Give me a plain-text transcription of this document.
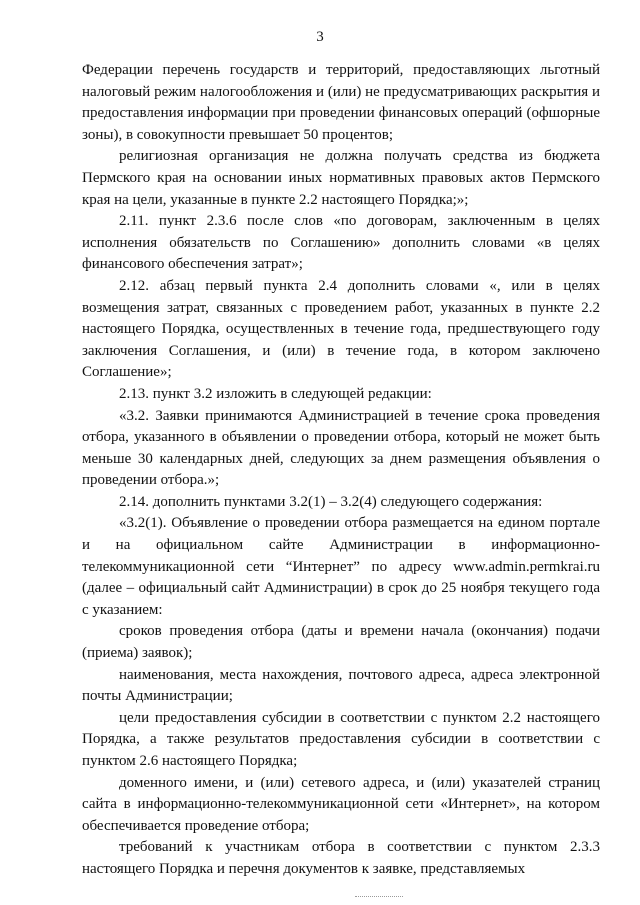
3

Федерации перечень государств и территорий, предоставляющих льготный налоговый режим налогообложения и (или) не предусматривающих раскрытия и предоставления информации при проведении финансовых операций (офшорные зоны), в совокупности превышает 50 процентов;

религиозная организация не должна получать средства из бюджета Пермского края на основании иных нормативных правовых актов Пермского края на цели, указанные в пункте 2.2 настоящего Порядка;»;

2.11. пункт 2.3.6 после слов «по договорам, заключенным в целях исполнения обязательств по Соглашению» дополнить словами «в целях финансового обеспечения затрат»;

2.12. абзац первый пункта 2.4 дополнить словами «, или в целях возмещения затрат, связанных с проведением работ, указанных в пункте 2.2 настоящего Порядка, осуществленных в течение года, предшествующего году заключения Соглашения, и (или) в течение года, в котором заключено Соглашение»;

2.13. пункт 3.2 изложить в следующей редакции:

«3.2. Заявки принимаются Администрацией в течение срока проведения отбора, указанного в объявлении о проведении отбора, который не может быть меньше 30 календарных дней, следующих за днем размещения объявления о проведении отбора.»;

2.14. дополнить пунктами 3.2(1) – 3.2(4) следующего содержания:

«3.2(1). Объявление о проведении отбора размещается на едином портале и на официальном сайте Администрации в информационно-телекоммуникационной сети “Интернет” по адресу www.admin.permkrai.ru (далее – официальный сайт Администрации) в срок до 25 ноября текущего года с указанием:

сроков проведения отбора (даты и времени начала (окончания) подачи (приема) заявок);

наименования, места нахождения, почтового адреса, адреса электронной почты Администрации;

цели предоставления субсидии в соответствии с пунктом 2.2 настоящего Порядка, а также результатов предоставления субсидии в соответствии с пунктом 2.6 настоящего Порядка;

доменного имени, и (или) сетевого адреса, и (или) указателей страниц сайта в информационно-телекоммуникационной сети «Интернет», на котором обеспечивается проведение отбора;

требований к участникам отбора в соответствии с пунктом 2.3.3 настоящего Порядка и перечня документов к заявке, представляемых
